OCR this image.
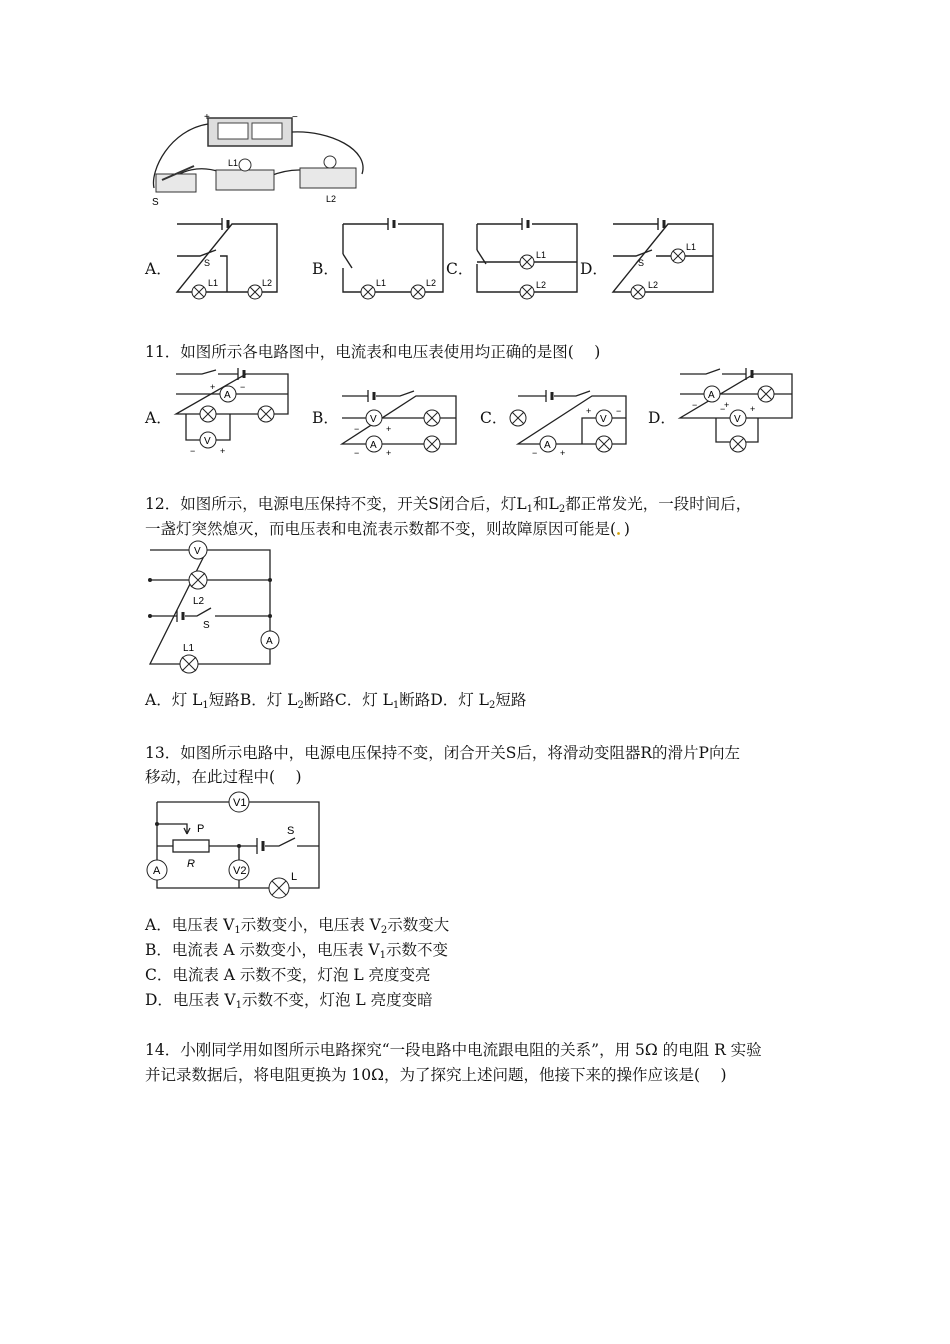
+	−
S
L1
L2
A．	S
L1	L2
B．
L1	L2
C．
L1
L2
D．	S
L1
L2
11．如图所示各电路图中，电流表和电压表使用均正确的是图(　 )
A．
A
+	−
V
−	+
B．	V
−	+
A
−	+
C．	V
+	−
A
−	+
D．
A
−	+
V
−	+
12．如图所示，电源电压保持不变，开关S闭合后，灯$L_1$和$L_2$都正常发光，一段时间后，
一盏灯突然熄灭，而电压表和电流表示数都不变，则故障原因可能是(．)
V
L2
S
A
L1
A．灯 $L_1$短路B．灯 $L_2$断路C．灯 $L_1$断路D．灯 $L_2$短路
13．如图所示电路中，电源电压保持不变，闭合开关S后，将滑动变阻器R的滑片P向左
移动，在此过程中(　 )
V1
P
R
S
A	V2	L
A．电压表 $V_1$示数变小，电压表 $V_2$示数变大
B．电流表 A 示数变小，电压表 $V_1$示数不变
C．电流表 A 示数不变，灯泡 L 亮度变亮
D．电压表 $V_1$示数不变，灯泡 L 亮度变暗
14．小刚同学用如图所示电路探究“一段电路中电流跟电阻的关系”，用 5Ω 的电阻 R 实验
并记录数据后，将电阻更换为 10Ω，为了探究上述问题，他接下来的操作应该是(　 )
